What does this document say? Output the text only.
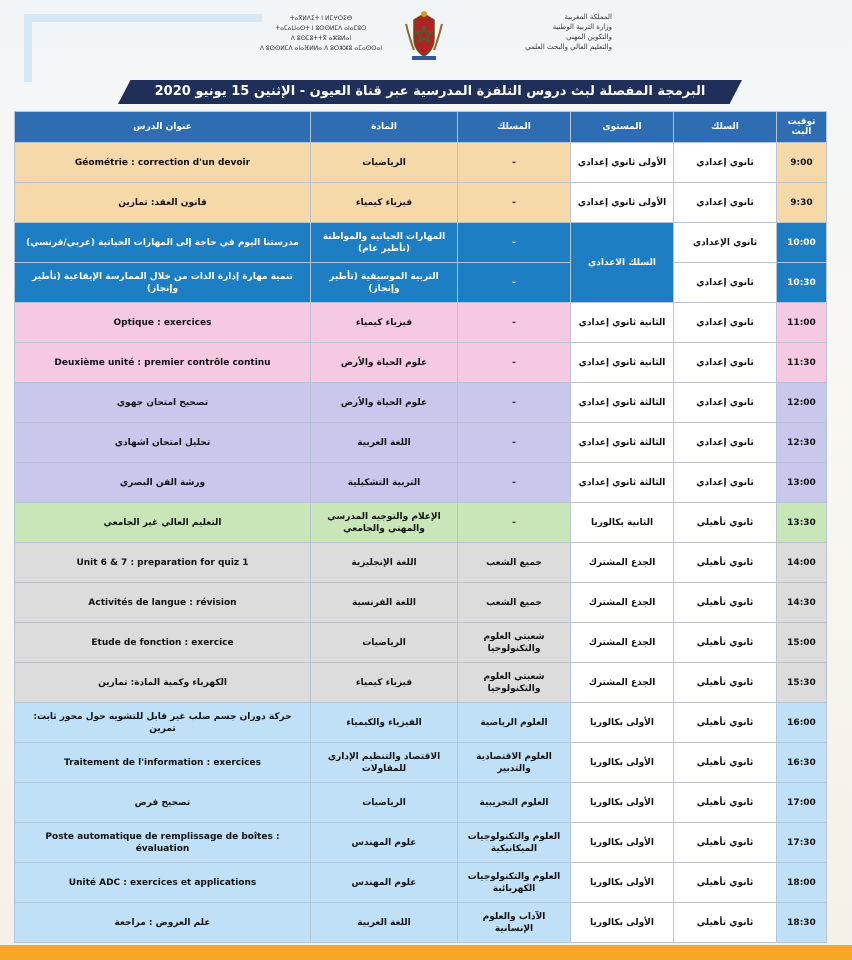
ⵜⴰⴳⵍⴷⵉⵜ ⵏ ⵍⵎⵖⵔⵉⴱ
ⵜⴰⵎⴰⵡⴰⵙⵜ ⵏ ⵓⵙⵙⵍⵎⴷ ⴰⵏⴰⵎⵓⵔ
ⴷ ⵓⵙⵎⵓⵜⵜⴳ ⴰⵣⵓⵍⴰⵏ
ⴷ ⵓⵙⵙⵍⵎⴷ ⴰⵏⴰⴼⵍⵍⴰ ⴷ ⵓⵔⵣⵣⵓ ⴰⵎⴰⵙⵙⴰⵏ
المملكة المغربية
وزارة التربية الوطنية
والتكوين المهني
والتعليم العالي والبحث العلمي
البرمجة المفصلة لبث دروس التلفزة المدرسية عبر قناة العيون - الإثنين 15 يونيو 2020
توقيت البث	السلك	المستوى	المسلك	المادة	عنوان الدرس
9:00	ثانوي إعدادي	الأولى ثانوي إعدادي	-	الرياضيات	Géométrie : correction d'un devoir
9:30	ثانوي إعدادي	الأولى ثانوي إعدادي	-	فيزياء كيمياء	قانون العقد: تمارين
10:00	ثانوي الإعدادي	السلك الاعدادي	-	المهارات الحياتية والمواطنة (تأطير عام)	مدرستنا اليوم في حاجة إلى المهارات الحياتية (عربي/فرنسي)
10:30	ثانوي إعدادي		-	التربية الموسيقية (تأطير وإنجاز)	تنمية مهارة إدارة الذات من خلال الممارسة الإيقاعية (تأطير وإنجاز)
11:00	ثانوي إعدادي	الثانية ثانوي إعدادي	-	فيزياء كيمياء	Optique : exercices
11:30	ثانوي إعدادي	الثانية ثانوي إعدادي	-	علوم الحياة والأرض	Deuxième unité : premier contrôle continu
12:00	ثانوي إعدادي	الثالثة ثانوي إعدادي	-	علوم الحياة والأرض	تصحيح امتحان جهوي
12:30	ثانوي إعدادي	الثالثة ثانوي إعدادي	-	اللغة العربية	تحليل امتحان اشهادي
13:00	ثانوي إعدادي	الثالثة ثانوي إعدادي	-	التربية التشكيلية	ورشة الفن البصري
13:30	ثانوي تأهيلي	الثانية بكالوريا	-	الإعلام والتوجيه المدرسي والمهني والجامعي	التعليم العالي غير الجامعي
14:00	ثانوي تأهيلي	الجذع المشترك	جميع الشعب	اللغة الإنجليزية	Unit 6 & 7 : preparation for quiz 1
14:30	ثانوي تأهيلي	الجذع المشترك	جميع الشعب	اللغة الفرنسية	Activités de langue : révision
15:00	ثانوي تأهيلي	الجذع المشترك	شعبتي العلوم والتكنولوجيا	الرياضيات	Etude de fonction : exercice
15:30	ثانوي تأهيلي	الجذع المشترك	شعبتي العلوم والتكنولوجيا	فيزياء كيمياء	الكهرباء وكمية المادة: تمارين
16:00	ثانوي تأهيلي	الأولى بكالوريا	العلوم الرياضية	الفيزياء والكيمياء	حركة دوران جسم صلب غير قابل للتشويه حول محور ثابت: تمرين
16:30	ثانوي تأهيلي	الأولى بكالوريا	العلوم الاقتصادية والتدبير	الاقتصاد والتنظيم الإداري للمقاولات	Traitement de l'information : exercices
17:00	ثانوي تأهيلي	الأولى بكالوريا	العلوم التجريبية	الرياضيات	تصحيح فرض
17:30	ثانوي تأهيلي	الأولى بكالوريا	العلوم والتكنولوجيات الميكانيكية	علوم المهندس	Poste automatique de remplissage de boîtes : évaluation
18:00	ثانوي تأهيلي	الأولى بكالوريا	العلوم والتكنولوجيات الكهربائية	علوم المهندس	Unité ADC : exercices et applications
18:30	ثانوي تأهيلي	الأولى بكالوريا	الآداب والعلوم الإنسانية	اللغة العربية	علم العروض : مراجعة
